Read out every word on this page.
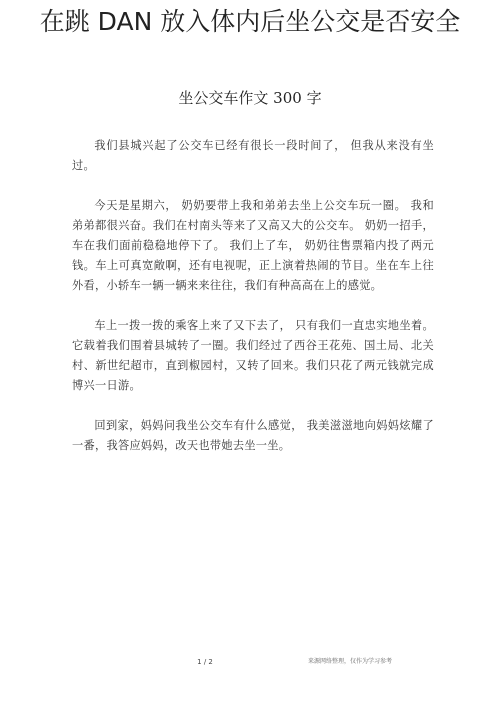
在跳 DAN 放入体内后坐公交是否安全
坐公交车作文 300 字

我们县城兴起了公交车已经有很长一段时间了， 但我从来没有坐过。

今天是星期六， 奶奶要带上我和弟弟去坐上公交车玩一圈。 我和弟弟都很兴奋。我们在村南头等来了又高又大的公交车。 奶奶一招手，车在我们面前稳稳地停下了。 我们上了车， 奶奶往售票箱内投了两元钱。车上可真宽敞啊，还有电视呢，正上演着热闹的节目。坐在车上往外看，小轿车一辆一辆来来往往，我们有种高高在上的感觉。

车上一拨一拨的乘客上来了又下去了， 只有我们一直忠实地坐着。它载着我们围着县城转了一圈。我们经过了西谷王花苑、国土局、北关村、新世纪超市，直到椒园村，又转了回来。我们只花了两元钱就完成博兴一日游。

回到家，妈妈问我坐公交车有什么感觉， 我美滋滋地向妈妈炫耀了一番，我答应妈妈，改天也带她去坐一坐。

1 / 2	来源网络整理，仅作为学习参考
